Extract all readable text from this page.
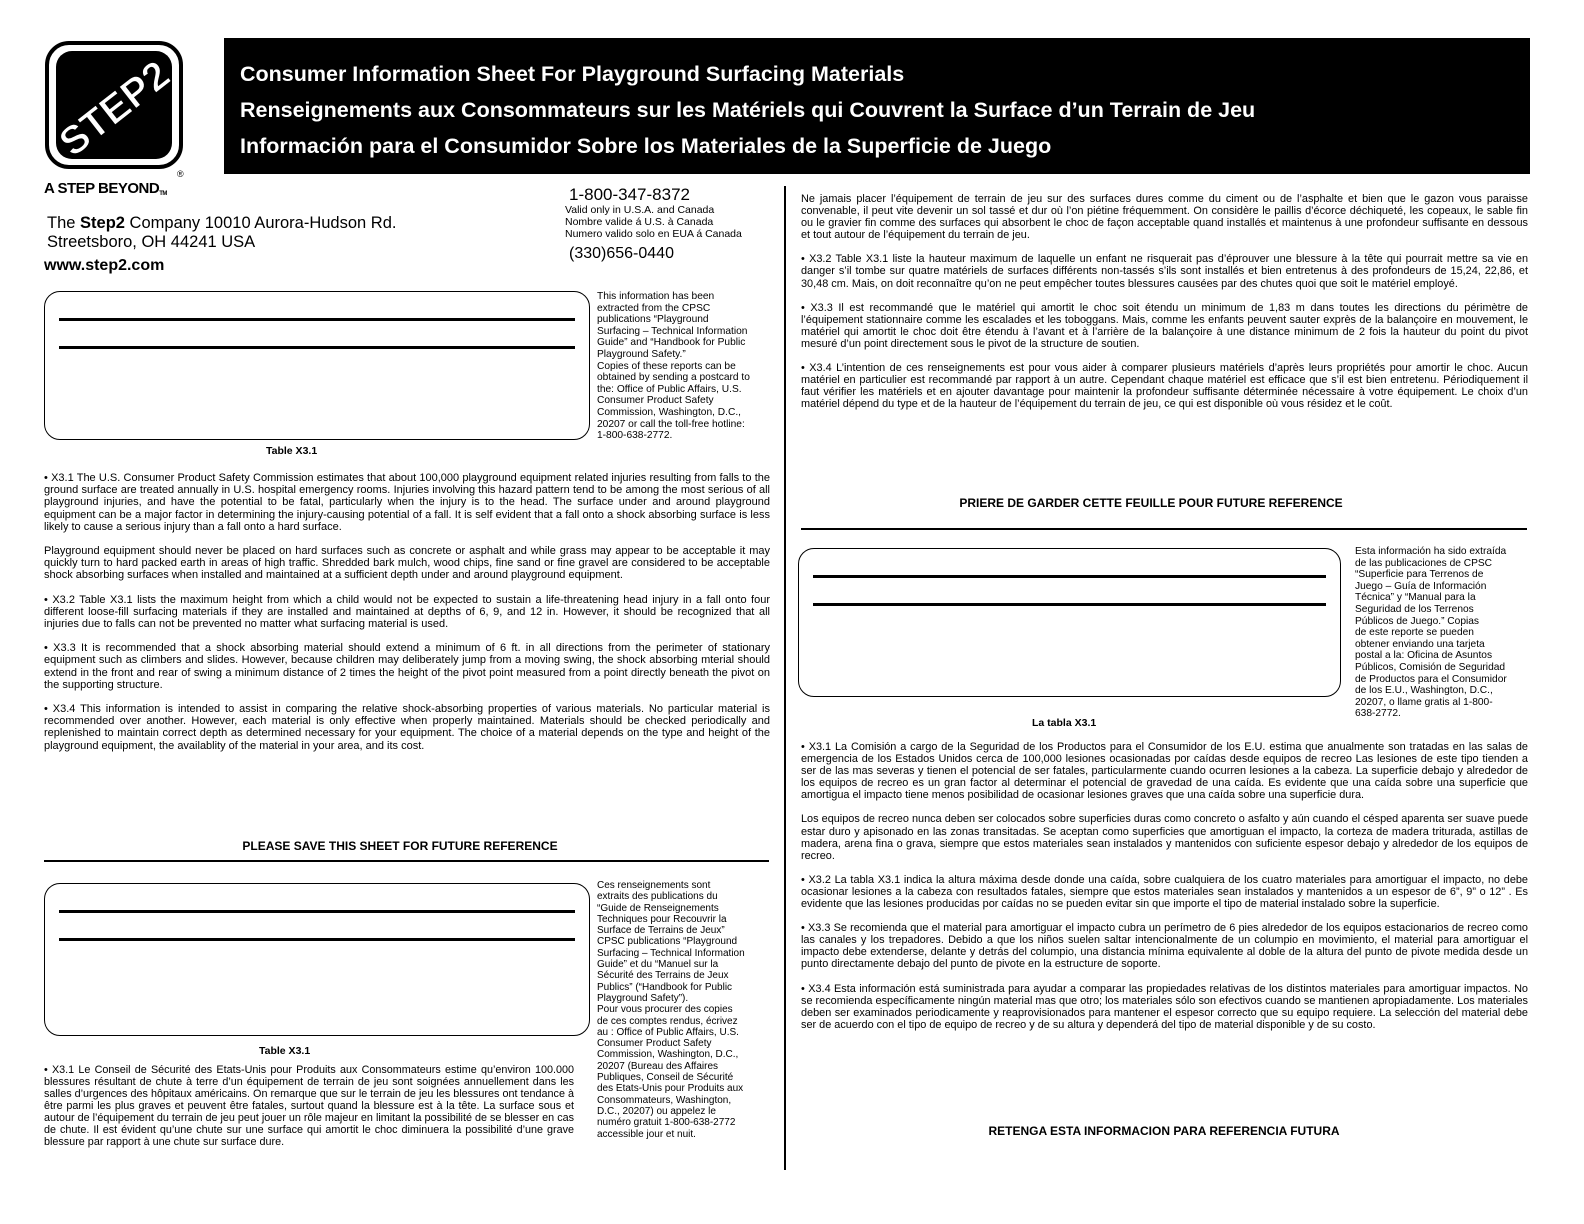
STEP2
®
A STEP BEYONDTM
Consumer Information Sheet For Playground Surfacing Materials
Renseignements aux Consommateurs sur les Matériels qui Couvrent la Surface d’un Terrain de Jeu
Información para el Consumidor Sobre los Materiales de la Superficie de Juego
The Step2 Company 10010 Aurora-Hudson Rd.
Streetsboro, OH 44241 USA
www.step2.com
1-800-347-8372
Valid only in U.S.A. and Canada
Nombre valide á U.S. à Canada
Numero valido solo en EUA á Canada
(330)656-0440
Table X3.1
This information has been
extracted from the CPSC
publications “Playground
Surfacing – Technical Information
Guide” and “Handbook for Public
Playground Safety.”
Copies of these reports can be
obtained by sending a postcard to
the: Office of Public Affairs, U.S.
Consumer Product Safety
Commission, Washington, D.C.,
20207 or call the toll-free hotline:
1-800-638-2772.

• X3.1 The U.S. Consumer Product Safety Commission estimates that about 100,000 playground equipment related injuries resulting from falls to the ground surface are treated annually in U.S. hospital emergency rooms. Injuries involving this hazard pattern tend to be among the most serious of all playground injuries, and have the potential to be fatal, particularly when the injury is to the head. The surface under and around playground equipment can be a major factor in determining the injury-causing potential of a fall. It is self evident that a fall onto a shock absorbing surface is less likely to cause a serious injury than a fall onto a hard surface.

Playground equipment should never be placed on hard surfaces such as concrete or asphalt and while grass may appear to be acceptable it may quickly turn to hard packed earth in areas of high traffic. Shredded bark mulch, wood chips, fine sand or fine gravel are considered to be acceptable shock absorbing surfaces when installed and maintained at a sufficient depth under and around playground equipment.

• X3.2 Table X3.1 lists the maximum height from which a child would not be expected to sustain a life-threatening head injury in a fall onto four different loose-fill surfacing materials if they are installed and maintained at depths of 6, 9, and 12 in. However, it should be recognized that all injuries due to falls can not be prevented no matter what surfacing material is used.

• X3.3 It is recommended that a shock absorbing material should extend a minimum of 6 ft. in all directions from the perimeter of stationary equipment such as climbers and slides. However, because children may deliberately jump from a moving swing, the shock absorbing mterial should extend in the front and rear of swing a minimum distance of 2 times the height of the pivot point measured from a point directly beneath the pivot on the supporting structure.

• X3.4 This information is intended to assist in comparing the relative shock-absorbing properties of various materials. No particular material is recommended over another. However, each material is only effective when properly maintained. Materials should be checked periodically and replenished to maintain correct depth as determined necessary for your equipment. The choice of a material depends on the type and height of the playground equipment, the availablity of the material in your area, and its cost.

PLEASE SAVE THIS SHEET FOR FUTURE REFERENCE
Table X3.1
Ces renseignements sont
extraits des publications du
“Guide de Renseignements
Techniques pour Recouvrir la
Surface de Terrains de Jeux”
CPSC publications “Playground
Surfacing – Technical Information
Guide” et du “Manuel sur la
Sécurité des Terrains de Jeux
Publics” (“Handbook for Public
Playground Safety”).
Pour vous procurer des copies
de ces comptes rendus, écrivez
au : Office of Public Affairs, U.S.
Consumer Product Safety
Commission, Washington, D.C.,
20207 (Bureau des Affaires
Publiques, Conseil de Sécurité
des Etats-Unis pour Produits aux
Consommateurs, Washington,
D.C., 20207) ou appelez le
numéro gratuit 1-800-638-2772
accessible jour et nuit.
• X3.1 Le Conseil de Sécurité des Etats-Unis pour Produits aux Consommateurs estime qu’environ 100.000 blessures résultant de chute à terre d’un équipement de terrain de jeu sont soignées annuellement dans les salles d’urgences des hôpitaux américains. On remarque que sur le terrain de jeu les blessures ont tendance à être parmi les plus graves et peuvent être fatales, surtout quand la blessure est à la tête. La surface sous et autour de l’équipement du terrain de jeu peut jouer un rôle majeur en limitant la possibilité de se blesser en cas de chute. Il est évident qu’une chute sur une surface qui amortit le choc diminuera la possibilité d’une grave blessure par rapport à une chute sur surface dure.

Ne jamais placer l’équipement de terrain de jeu sur des surfaces dures comme du ciment ou de l’asphalte et bien que le gazon vous paraisse convenable, il peut vite devenir un sol tassé et dur où l’on piétine fréquemment. On considère le paillis d’écorce déchiqueté, les copeaux, le sable fin ou le gravier fin comme des surfaces qui absorbent le choc de façon acceptable quand installés et maintenus à une profondeur suffisante en dessous et tout autour de l’équipement du terrain de jeu.

• X3.2 Table X3.1 liste la hauteur maximum de laquelle un enfant ne risquerait pas d’éprouver une blessure à la tête qui pourrait mettre sa vie en danger s’il tombe sur quatre matériels de surfaces différents non-tassés s’ils sont installés et bien entretenus à des profondeurs de 15,24, 22,86, et 30,48 cm. Mais, on doit reconnaître qu’on ne peut empêcher toutes blessures causées par des chutes quoi que soit le matériel employé.

• X3.3 Il est recommandé que le matériel qui amortit le choc soit étendu un minimum de 1,83 m dans toutes les directions du périmètre de l’équipement stationnaire comme les escalades et les toboggans. Mais, comme les enfants peuvent sauter exprès de la balançoire en mouvement, le matériel qui amortit le choc doit être étendu à l’avant et à l’arrière de la balançoire à une distance minimum de 2 fois la hauteur du point du pivot mesuré d’un point directement sous le pivot de la structure de soutien.

• X3.4 L’intention de ces renseignements est pour vous aider à comparer plusieurs matériels d’après leurs propriétés pour amortir le choc. Aucun matériel en particulier est recommandé par rapport à un autre. Cependant chaque matériel est efficace que s’il est bien entretenu. Périodiquement il faut vérifier les matériels et en ajouter davantage pour maintenir la profondeur suffisante déterminée nécessaire à votre équipement. Le choix d’un matériel dépend du type et de la hauteur de l’équipement du terrain de jeu, ce qui est disponible où vous résidez et le coût.

PRIERE DE GARDER CETTE FEUILLE POUR FUTURE REFERENCE
La tabla X3.1
Esta información ha sido extraída
de las publicaciones de CPSC
“Superficie para Terrenos de
Juego – Guía de Información
Técnica” y “Manual para la
Seguridad de los Terrenos
Públicos de Juego.” Copias
de este reporte se pueden
obtener enviando una tarjeta
postal a la: Oficina de Asuntos
Públicos, Comisión de Seguridad
de Productos para el Consumidor
de los E.U., Washington, D.C.,
20207, o llame gratis al 1-800-
638-2772.

• X3.1 La Comisión a cargo de la Seguridad de los Productos para el Consumidor de los E.U. estima que anualmente son tratadas en las salas de emergencia de los Estados Unidos cerca de 100,000 lesiones ocasionadas por caídas desde equipos de recreo Las lesiones de este tipo tienden a ser de las mas severas y tienen el potencial de ser fatales, particularmente cuando ocurren lesiones a la cabeza. La superficie debajo y alrededor de los equipos de recreo es un gran factor al determinar el potencial de gravedad de una caída. Es evidente que una caída sobre una superficie que amortigua el impacto tiene menos posibilidad de ocasionar lesiones graves que una caída sobre una superficie dura.

Los equipos de recreo nunca deben ser colocados sobre superficies duras como concreto o asfalto y aún cuando el césped aparenta ser suave puede estar duro y apisonado en las zonas transitadas. Se aceptan como superficies que amortiguan el impacto, la corteza de madera triturada, astillas de madera, arena fina o grava, siempre que estos materiales sean instalados y mantenidos con suficiente espesor debajo y alrededor de los equipos de recreo.

• X3.2 La tabla X3.1 indica la altura máxima desde donde una caída, sobre cualquiera de los cuatro materiales para amortiguar el impacto, no debe ocasionar lesiones a la cabeza con resultados fatales, siempre que estos materiales sean instalados y mantenidos a un espesor de 6”, 9” o 12” . Es evidente que las lesiones producidas por caídas no se pueden evitar sin que importe el tipo de material instalado sobre la superficie.

• X3.3 Se recomienda que el material para amortiguar el impacto cubra un perímetro de 6 pies alrededor de los equipos estacionarios de recreo como las canales y los trepadores. Debido a que los niños suelen saltar intencionalmente de un columpio en movimiento, el material para amortiguar el impacto debe extenderse, delante y detrás del columpio, una distancia mínima equivalente al doble de la altura del punto de pivote medida desde un punto directamente debajo del punto de pivote en la estructure de soporte.

• X3.4 Esta información está suministrada para ayudar a comparar las propiedades relativas de los distintos materiales para amortiguar impactos. No se recomienda específicamente ningún material mas que otro; los materiales sólo son efectivos cuando se mantienen apropiadamente. Los materiales deben ser examinados periodicamente y reaprovisionados para mantener el espesor correcto que su equipo requiere. La selección del material debe ser de acuerdo con el tipo de equipo de recreo y de su altura y dependerá del tipo de material disponible y de su costo.

RETENGA ESTA INFORMACION PARA REFERENCIA FUTURA
